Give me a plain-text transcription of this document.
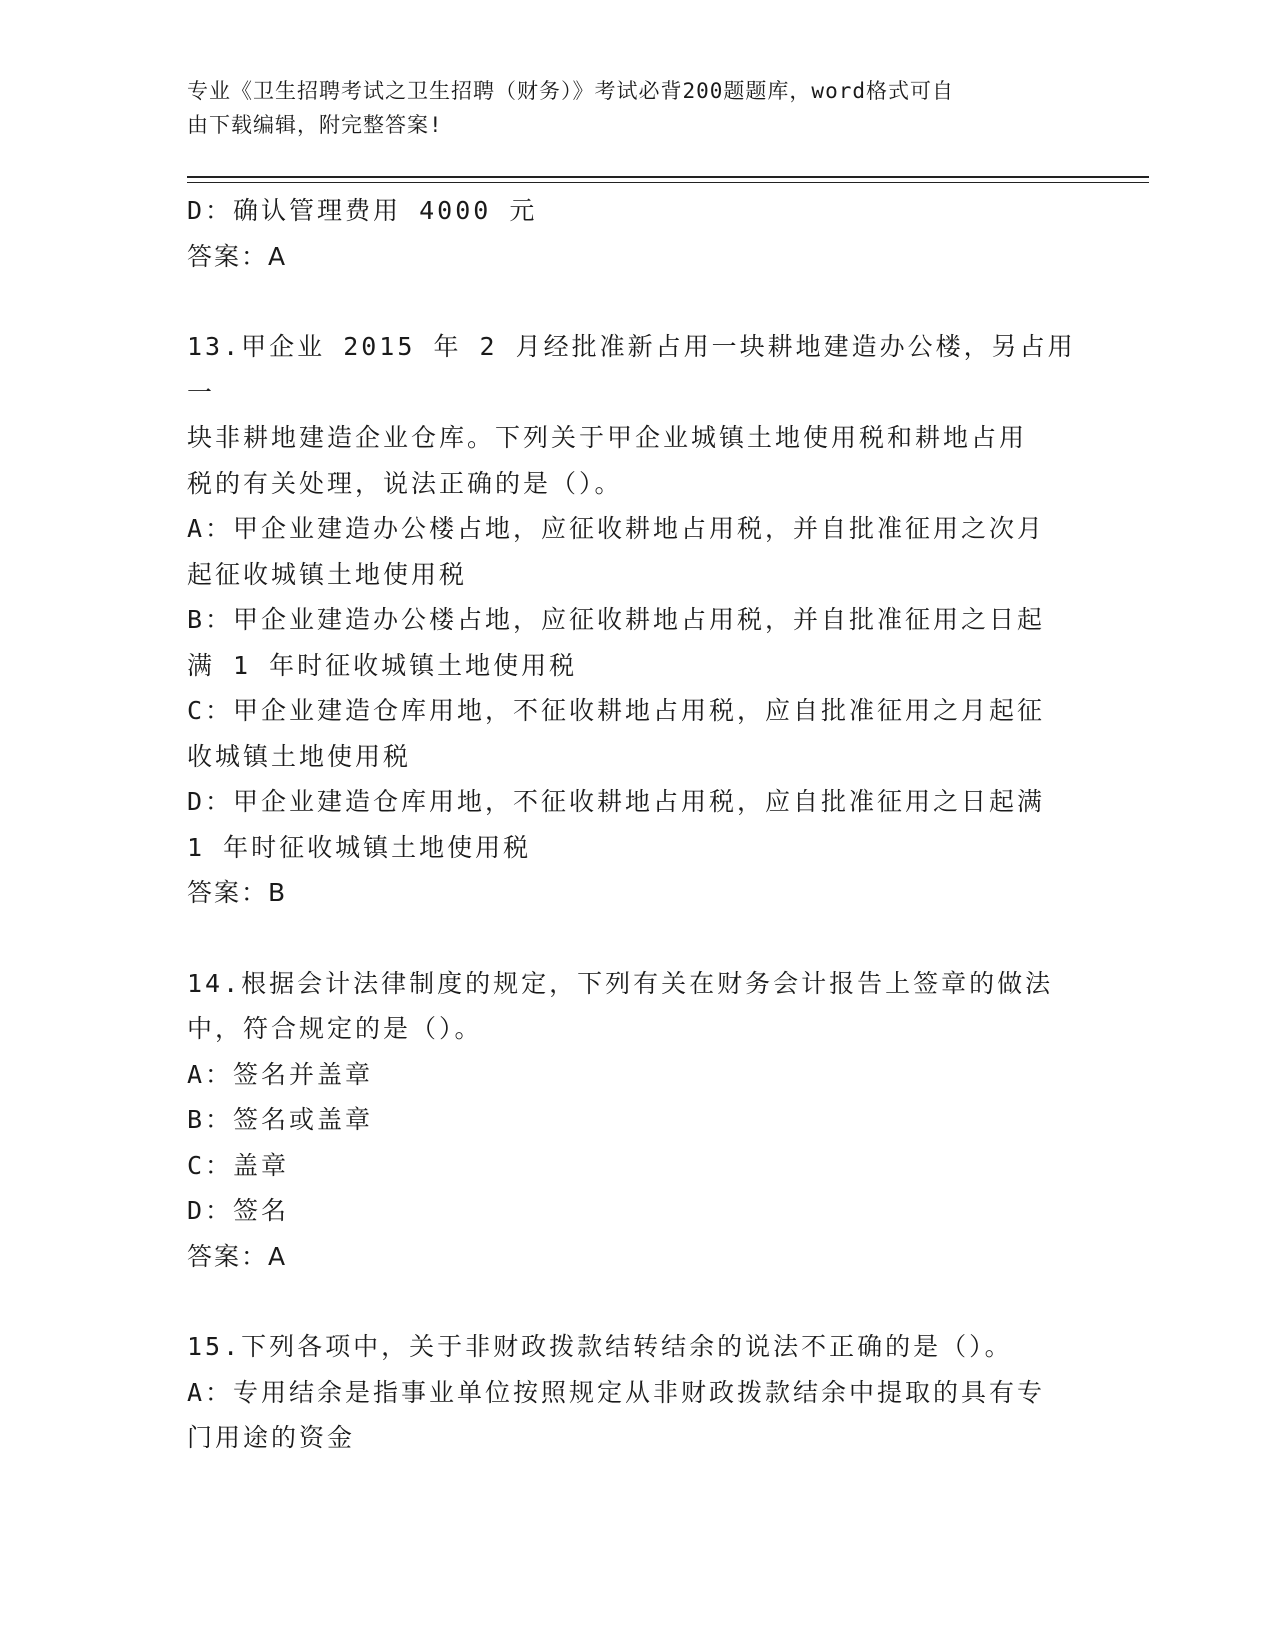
专业《卫生招聘考试之卫生招聘（财务）》考试必背200题题库，word格式可自
由下载编辑，附完整答案!

D：确认管理费用 4000 元

答案：A

13.甲企业 2015 年 2 月经批准新占用一块耕地建造办公楼，另占用一

块非耕地建造企业仓库。下列关于甲企业城镇土地使用税和耕地占用

税的有关处理，说法正确的是（）。

A：甲企业建造办公楼占地，应征收耕地占用税，并自批准征用之次月

起征收城镇土地使用税

B：甲企业建造办公楼占地，应征收耕地占用税，并自批准征用之日起

满 1 年时征收城镇土地使用税

C：甲企业建造仓库用地，不征收耕地占用税，应自批准征用之月起征

收城镇土地使用税

D：甲企业建造仓库用地，不征收耕地占用税，应自批准征用之日起满

1 年时征收城镇土地使用税

答案：B

14.根据会计法律制度的规定，下列有关在财务会计报告上签章的做法

中，符合规定的是（）。

A：签名并盖章

B：签名或盖章

C：盖章

D：签名

答案：A

15.下列各项中，关于非财政拨款结转结余的说法不正确的是（）。

A：专用结余是指事业单位按照规定从非财政拨款结余中提取的具有专

门用途的资金
